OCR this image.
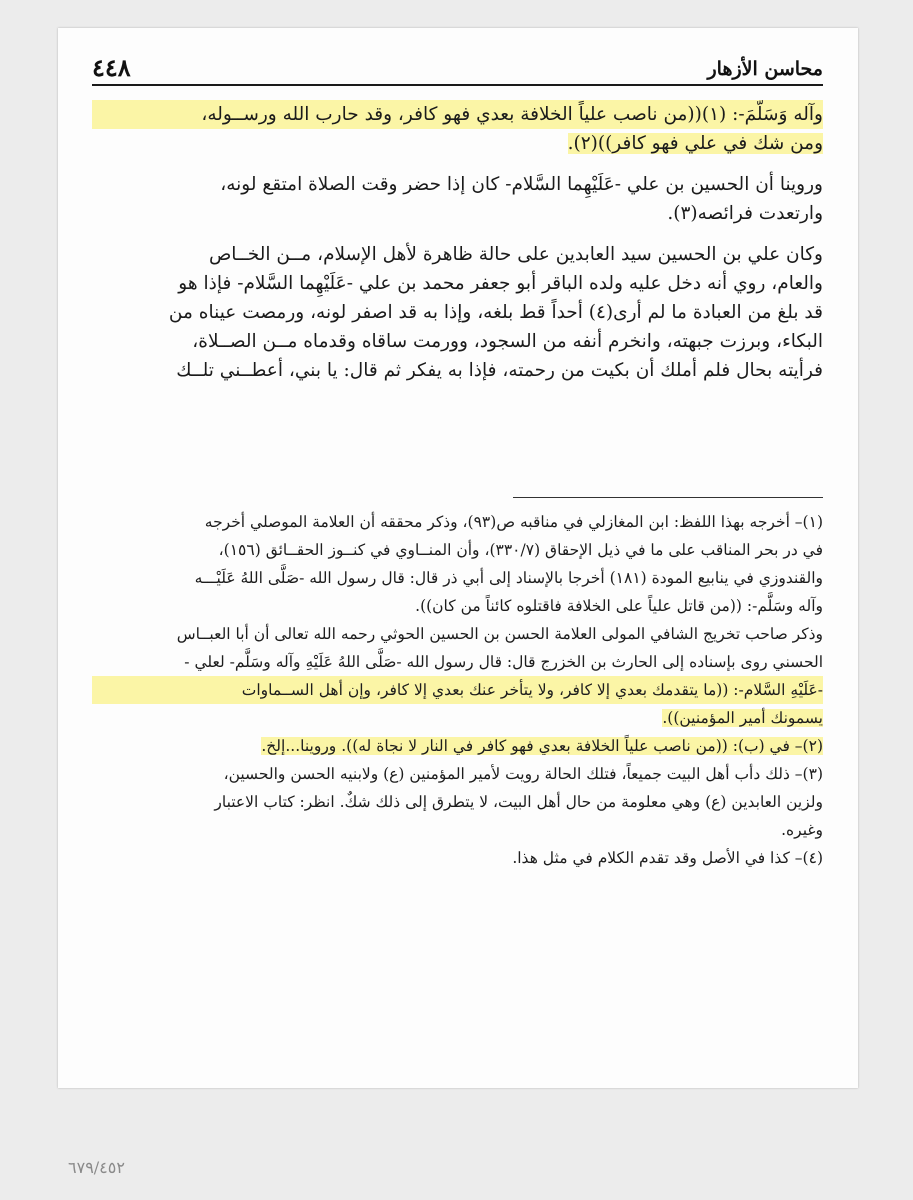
٤٤٨	محاسن الأزهار
وآله وَسَلَّمَ-: (١)((من ناصب علياً الخلافة بعدي فهو كافر، وقد حارب الله ورســوله،
ومن شك في علي فهو كافر))(٢).
وروينا أن الحسين بن علي -عَلَيْهِما السَّلام- كان إذا حضر وقت الصلاة امتقع لونه،
وارتعدت فرائصه(٣).
وكان علي بن الحسين سيد العابدين على حالة ظاهرة لأهل الإسلام، مــن الخــاص
والعام، روي أنه دخل عليه ولده الباقر أبو جعفر محمد بن علي -عَلَيْهِما السَّلام- فإذا هو
قد بلغ من العبادة ما لم أرى(٤) أحداً قط بلغه، وإذا به قد اصفر لونه، ورمصت عيناه من
البكاء، وبرزت جبهته، وانخرم أنفه من السجود، وورمت ساقاه وقدماه مــن الصــلاة،
فرأيته بحال فلم أملك أن بكيت من رحمته، فإذا به يفكر ثم قال: يا بني، أعطــني تلــك
(١)– أخرجه بهذا اللفظ: ابن المغازلي في مناقبه ص(٩٣)، وذكر محققه أن العلامة الموصلي أخرجه
في در بحر المناقب على ما في ذيل الإحقاق (٣٣٠/٧)، وأن المنــاوي في كنــوز الحقــائق (١٥٦)،
والقندوزي في ينابيع المودة (١٨١) أخرجا بالإسناد إلى أبي ذر قال: قال رسول الله -صَلَّى اللهُ عَلَيْـــه
وآله وسَلَّم-: ((من قاتل علياً على الخلافة فاقتلوه كائناً من كان)).
وذكر صاحب تخريج الشافي المولى العلامة الحسن بن الحسين الحوثي رحمه الله تعالى أن أبا العبــاس
الحسني روى بإسناده إلى الحارث بن الخزرج قال: قال رسول الله -صَلَّى اللهُ عَلَيْهِ وآله وسَلَّم- لعلي -
-عَلَيْهِ السَّلام-: ((ما يتقدمك بعدي إلا كافر، ولا يتأخر عنك بعدي إلا كافر، وإن أهل الســماوات
يسمونك أمير المؤمنين)).
(٢)– في (ب): ((من ناصب علياً الخلافة بعدي فهو كافر في النار لا نجاة له)). وروينا...إلخ.
(٣)– ذلك دأب أهل البيت جميعاً، فتلك الحالة رويت لأمير المؤمنين (ع) ولابنيه الحسن والحسين،
ولزين العابدين (ع) وهي معلومة من حال أهل البيت، لا يتطرق إلى ذلك شكٌ. انظر: كتاب الاعتبار
وغيره.
(٤)– كذا في الأصل وقد تقدم الكلام في مثل هذا.
٦٧٩/٤٥٢
